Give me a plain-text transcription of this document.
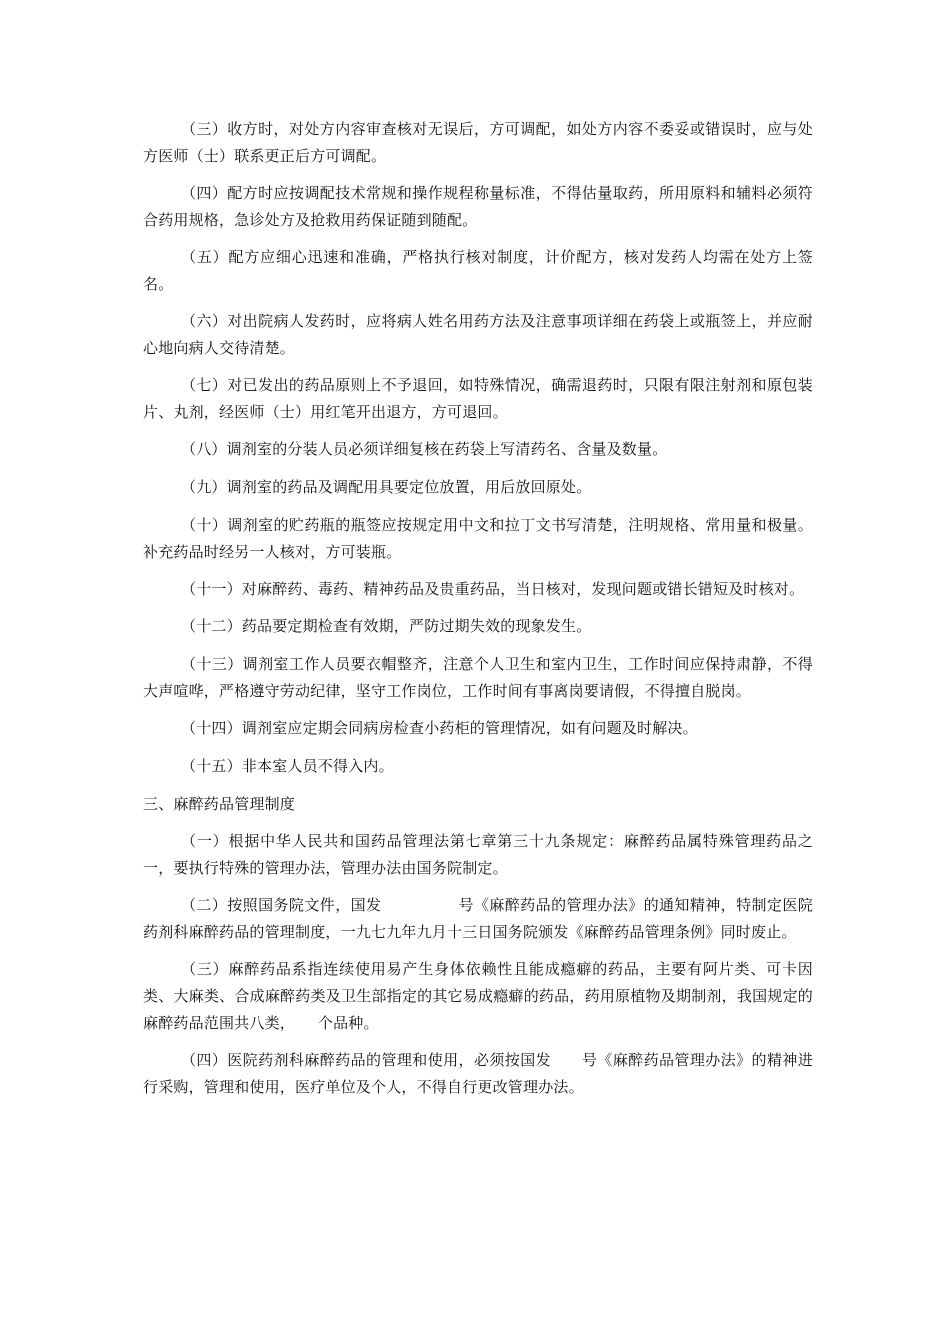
（三）收方时，对处方内容审查核对无误后，方可调配，如处方内容不委妥或错误时，应与处方医师（士）联系更正后方可调配。

（四）配方时应按调配技术常规和操作规程称量标准，不得估量取药，所用原料和辅料必须符合药用规格，急诊处方及抢救用药保证随到随配。

（五）配方应细心迅速和准确，严格执行核对制度，计价配方，核对发药人均需在处方上签名。

（六）对出院病人发药时，应将病人姓名用药方法及注意事项详细在药袋上或瓶签上，并应耐心地向病人交待清楚。

（七）对已发出的药品原则上不予退回，如特殊情况，确需退药时，只限有限注射剂和原包装片、丸剂，经医师（士）用红笔开出退方，方可退回。

（八）调剂室的分装人员必须详细复核在药袋上写清药名、含量及数量。

（九）调剂室的药品及调配用具要定位放置，用后放回原处。

（十）调剂室的贮药瓶的瓶签应按规定用中文和拉丁文书写清楚，注明规格、常用量和极量。补充药品时经另一人核对，方可装瓶。

（十一）对麻醉药、毒药、精神药品及贵重药品，当日核对，发现问题或错长错短及时核对。

（十二）药品要定期检查有效期，严防过期失效的现象发生。

（十三）调剂室工作人员要衣帽整齐，注意个人卫生和室内卫生，工作时间应保持肃静，不得大声喧哗，严格遵守劳动纪律，坚守工作岗位，工作时间有事离岗要请假，不得擅自脱岗。

（十四）调剂室应定期会同病房检查小药柜的管理情况，如有问题及时解决。

（十五）非本室人员不得入内。

三、麻醉药品管理制度

（一）根据中华人民共和国药品管理法第七章第三十九条规定：麻醉药品属特殊管理药品之一，要执行特殊的管理办法，管理办法由国务院制定。

（二）按照国务院文件，国发　　　　　号《麻醉药品的管理办法》的通知精神，特制定医院药剂科麻醉药品的管理制度，一九七九年九月十三日国务院颁发《麻醉药品管理条例》同时废止。

（三）麻醉药品系指连续使用易产生身体依赖性且能成瘾癖的药品，主要有阿片类、可卡因类、大麻类、合成麻醉药类及卫生部指定的其它易成瘾癖的药品，药用原植物及期制剂，我国规定的麻醉药品范围共八类，　　个品种。

（四）医院药剂科麻醉药品的管理和使用，必须按国发　　号《麻醉药品管理办法》的精神进行采购，管理和使用，医疗单位及个人，不得自行更改管理办法。
